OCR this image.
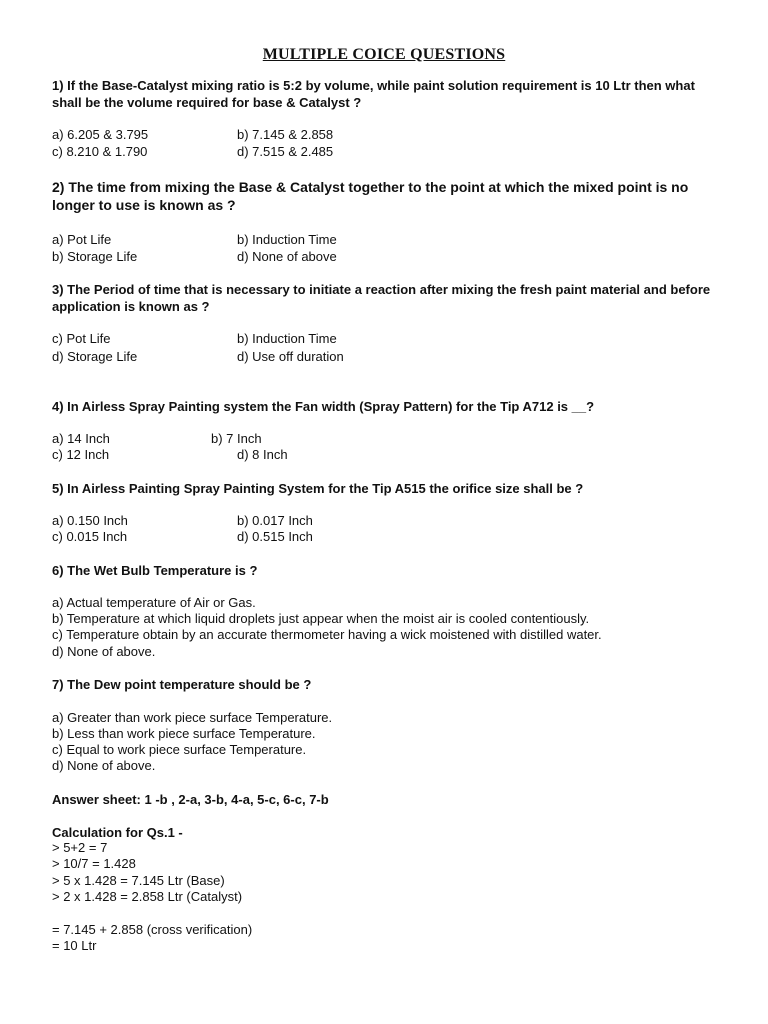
MULTIPLE COICE QUESTIONS
1) If the Base-Catalyst mixing ratio is 5:2 by volume, while paint solution requirement is 10 Ltr then what shall be the volume required for base & Catalyst ?
a) 6.205 & 3.795	b) 7.145 & 2.858
c) 8.210 & 1.790	d) 7.515 & 2.485
2) The time from mixing the Base & Catalyst together to the point at which the mixed point is no longer to use is known as ?
a) Pot Life	b) Induction Time
b) Storage Life	d) None of above
3) The Period of time that is necessary to initiate a reaction after mixing the fresh paint material and before application is known as ?
c) Pot Life	b) Induction Time
d) Storage Life	d) Use off duration
4) In Airless Spray Painting system the Fan width (Spray Pattern) for the Tip A712 is __?
a) 14 Inch	b) 7 Inch
c) 12 Inch	d) 8 Inch
5) In Airless Painting Spray Painting System for the Tip A515 the orifice size shall be ?
a) 0.150 Inch	b) 0.017 Inch
c) 0.015 Inch	d) 0.515 Inch
6) The Wet Bulb Temperature is ?
a) Actual temperature of Air or Gas.
b) Temperature at which liquid droplets just appear when the moist air is cooled contentiously.
c) Temperature obtain by an accurate thermometer having a wick moistened with distilled water.
d) None of above.
7) The Dew point temperature should be ?
a) Greater than work piece surface Temperature.
b) Less than work piece surface Temperature.
c) Equal to work piece surface Temperature.
d) None of above.
Answer sheet: 1 -b , 2-a, 3-b, 4-a, 5-c, 6-c, 7-b
Calculation for Qs.1 -
> 5+2 = 7
> 10/7 = 1.428
> 5 x 1.428 = 7.145 Ltr (Base)
> 2 x 1.428 = 2.858 Ltr (Catalyst)
= 7.145 + 2.858 (cross verification)
= 10 Ltr
